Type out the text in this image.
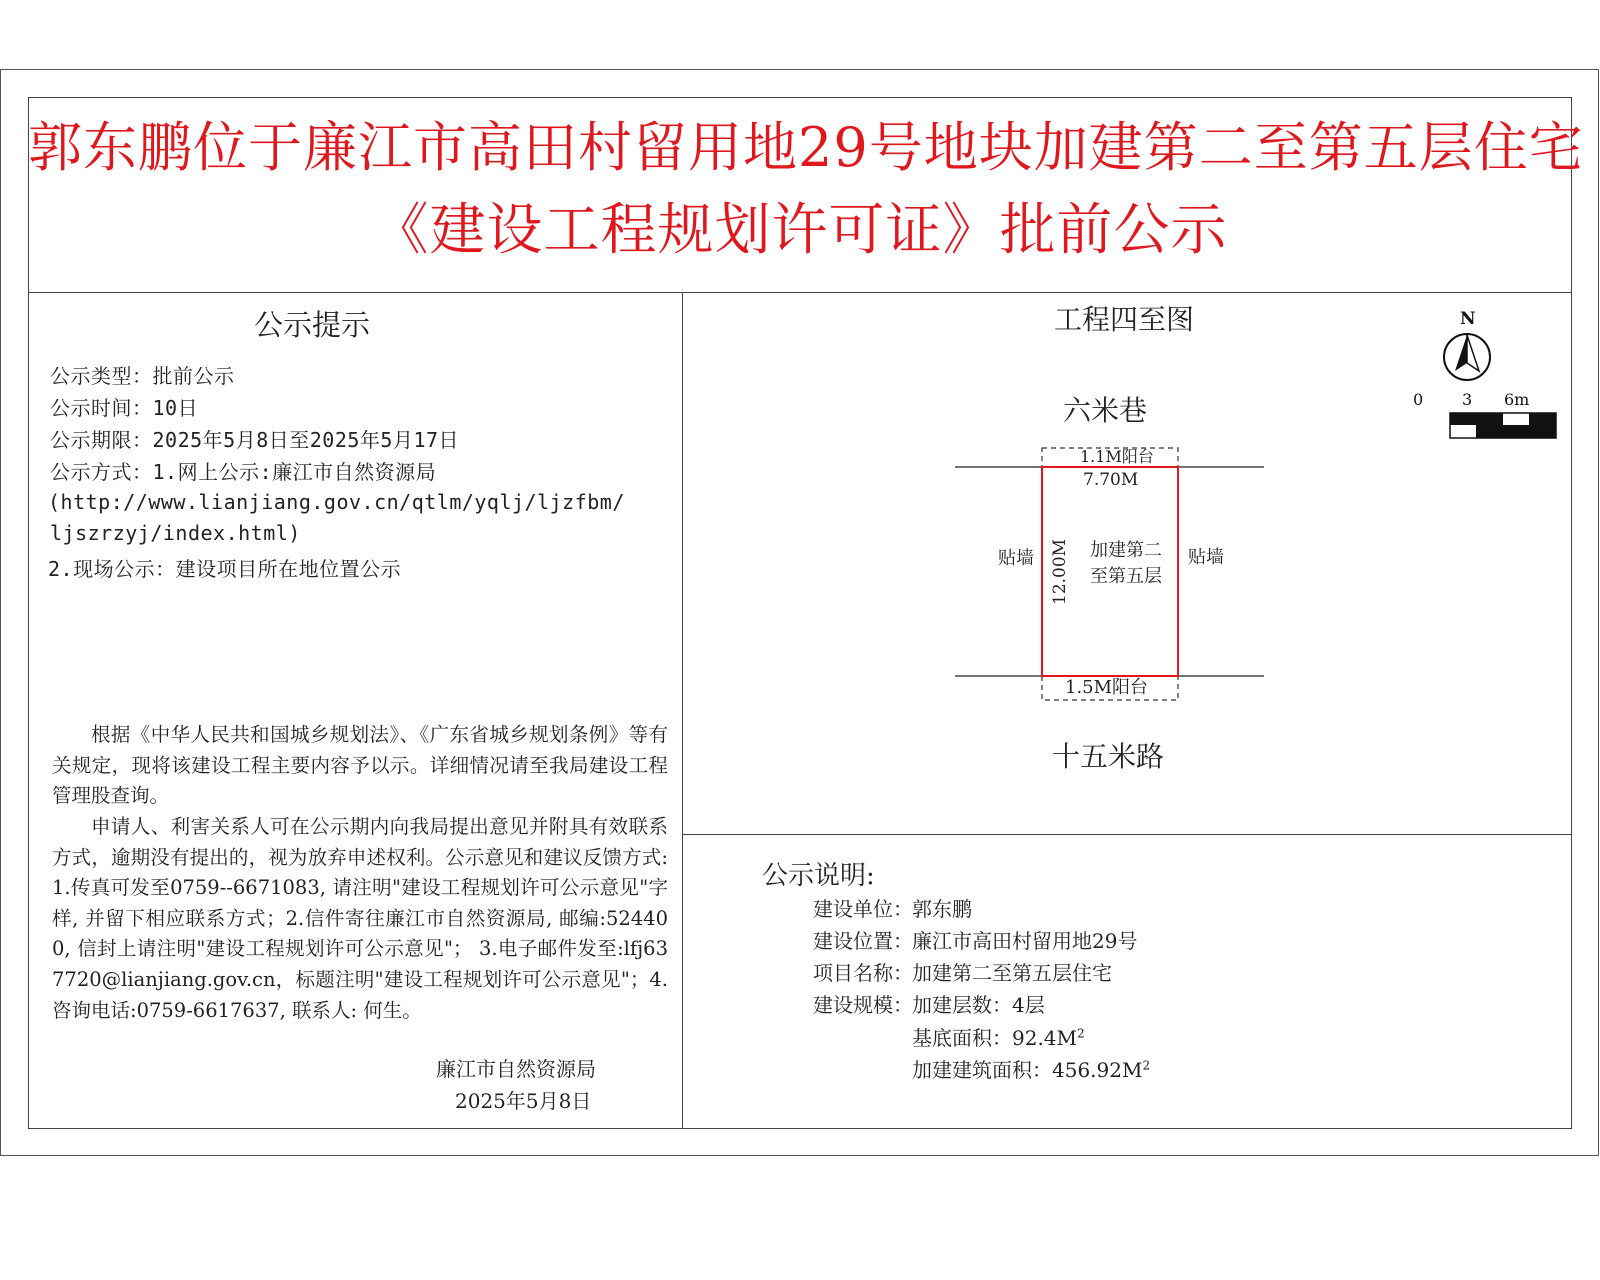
郭东鹏位于廉江市高田村留用地29号地块加建第二至第五层住宅
《建设工程规划许可证》批前公示
公示提示
公示类型：批前公示
公示时间：10日
公示期限：2025年5月8日至2025年5月17日
公示方式：1.网上公示:廉江市自然资源局
(http://www.lianjiang.gov.cn/qtlm/yqlj/ljzfbm/
ljszrzyj/index.html)
2.现场公示：建设项目所在地位置公示
根据《中华人民共和国城乡规划法》、《广东省城乡规划条例》等有关规定，现将该建设工程主要内容予以示。详细情况请至我局建设工程管理股查询。
申请人、利害关系人可在公示期内向我局提出意见并附具有效联系方式，逾期没有提出的，视为放弃申述权利。公示意见和建议反馈方式:1.传真可发至0759--6671083, 请注明"建设工程规划许可公示意见"字样, 并留下相应联系方式；2.信件寄往廉江市自然资源局, 邮编:524400, 信封上请注明"建设工程规划许可公示意见"； 3.电子邮件发至:lfj637720@lianjiang.gov.cn，标题注明"建设工程规划许可公示意见"；4.咨询电话:0759-6617637, 联系人: 何生。
廉江市自然资源局
2025年5月8日
工程四至图	N
0 3 6m
六米巷
十五米路
1.1M阳台
7.70M
1.5M阳台
12.00M 加建第二
至第五层
贴墙	贴墙
公示说明:
建设单位： 郭东鹏
建设位置： 廉江市高田村留用地29号
项目名称： 加建第二至第五层住宅
建设规模： 加建层数：4层
基底面积：$92.4M^2$
加建建筑面积：$456.92M^2$
